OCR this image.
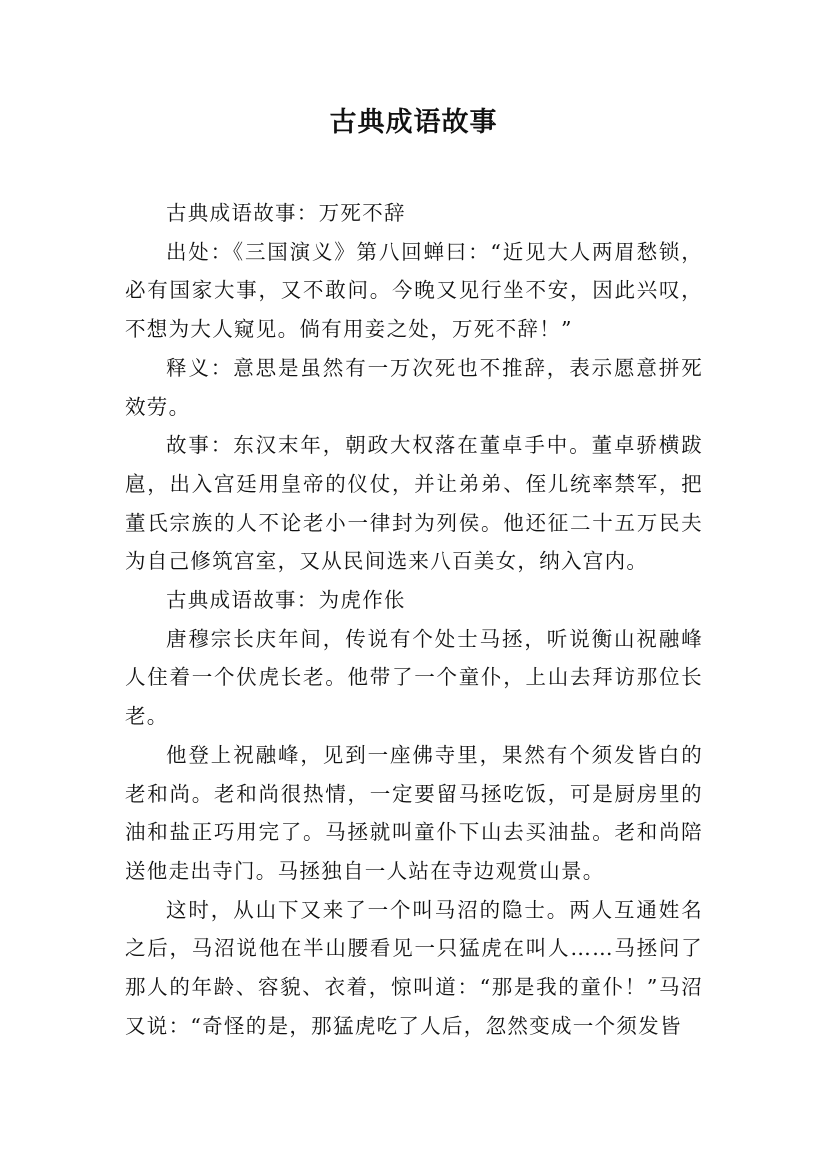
古典成语故事

古典成语故事：万死不辞

出处：《三国演义》第八回蝉曰：“近见大人两眉愁锁，必有国家大事，又不敢问。今晚又见行坐不安，因此兴叹，不想为大人窥见。倘有用妾之处，万死不辞！”

释义：意思是虽然有一万次死也不推辞，表示愿意拼死效劳。

故事：东汉末年，朝政大权落在董卓手中。董卓骄横跋扈，出入宫廷用皇帝的仪仗，并让弟弟、侄儿统率禁军，把董氏宗族的人不论老小一律封为列侯。他还征二十五万民夫为自己修筑宫室，又从民间选来八百美女，纳入宫内。

古典成语故事：为虎作伥

唐穆宗长庆年间，传说有个处士马拯，听说衡山祝融峰人住着一个伏虎长老。他带了一个童仆，上山去拜访那位长老。

他登上祝融峰，见到一座佛寺里，果然有个须发皆白的老和尚。老和尚很热情，一定要留马拯吃饭，可是厨房里的油和盐正巧用完了。马拯就叫童仆下山去买油盐。老和尚陪送他走出寺门。马拯独自一人站在寺边观赏山景。

这时，从山下又来了一个叫马沼的隐士。两人互通姓名之后，马沼说他在半山腰看见一只猛虎在叫人……马拯问了那人的年龄、容貌、衣着，惊叫道：“那是我的童仆！”马沼又说：“奇怪的是，那猛虎吃了人后，忽然变成一个须发皆
